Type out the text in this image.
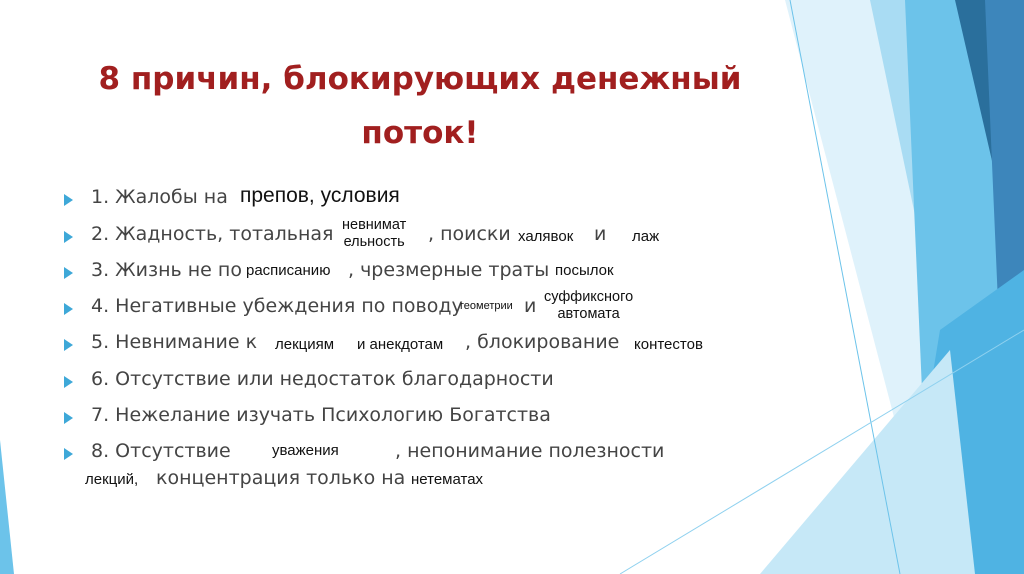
8 причин, блокирующих денежный
поток!
1. Жалобы на препов, условия
2. Жадность, тотальная невнимат
ельность , поиски халявок и лаж
3. Жизнь не по расписанию , чрезмерные траты посылок
4. Негативные убеждения по поводу
геометрии и суффиксного
автомата
5. Невнимание к лекциям и анекдотам , блокирование контестов
6. Отсутствие или недостаток благодарности
7. Нежелание изучать Психологию Богатства
8. Отсутствие	уважения	, непонимание полезности
лекций, концентрация только на нетематах
